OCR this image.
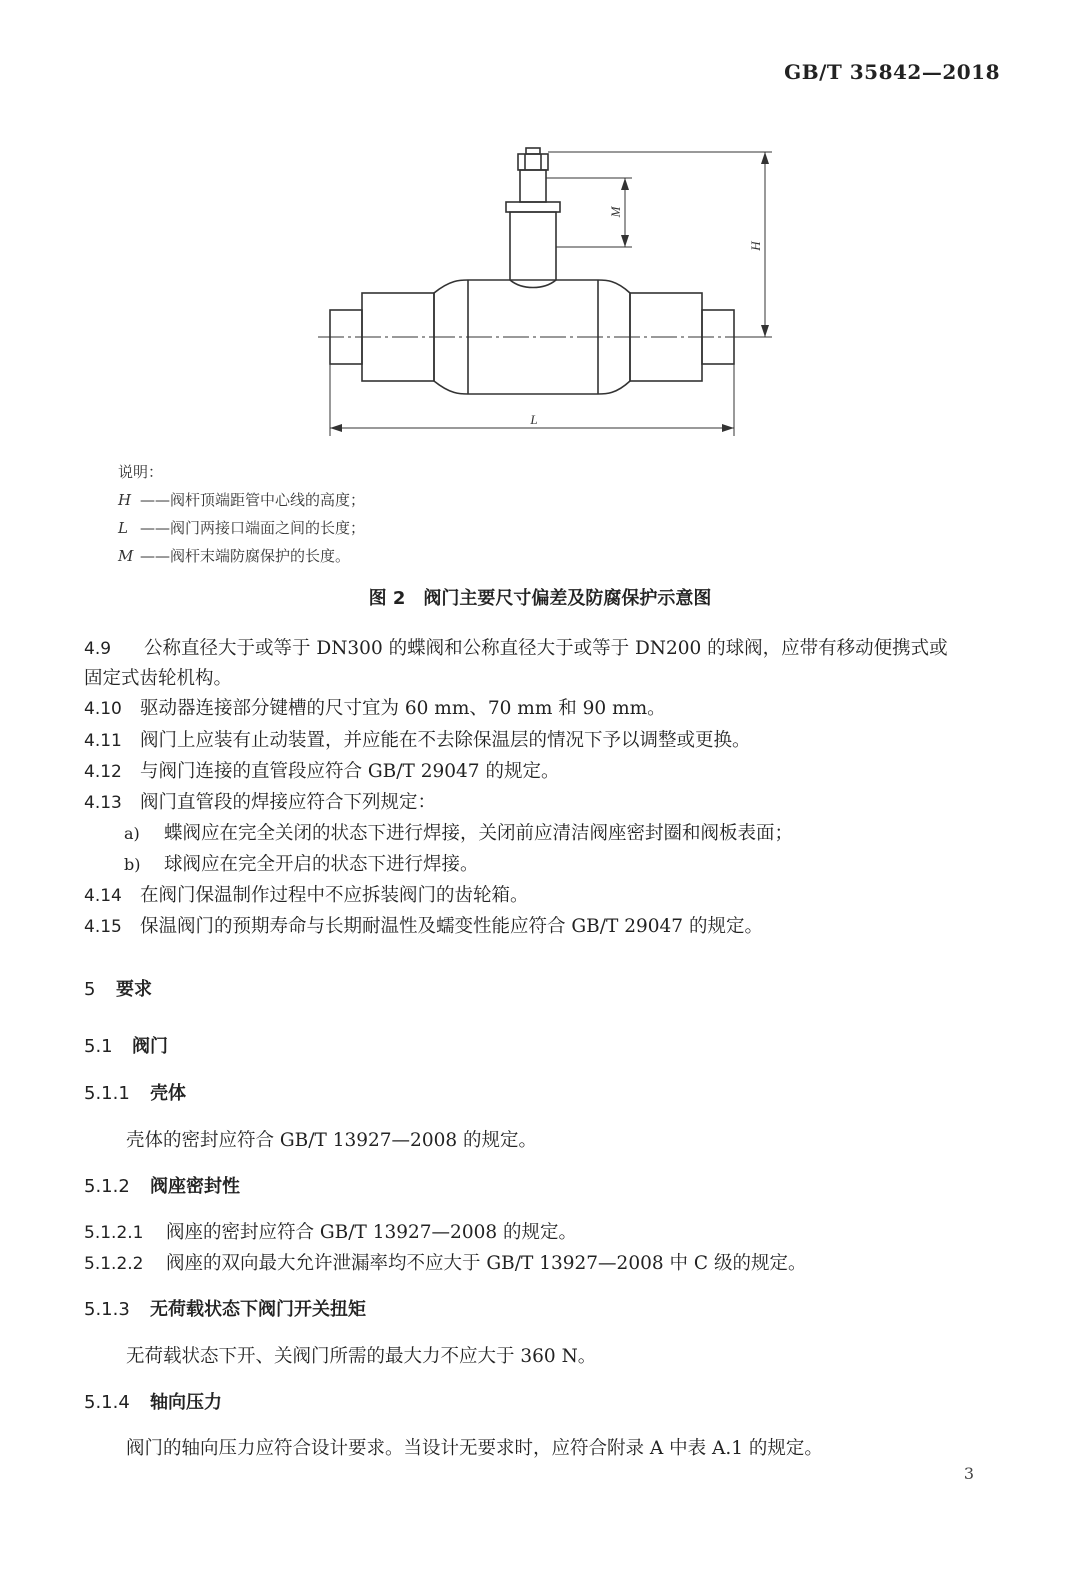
GB/T 35842—2018
H
M
L
说明：
H ——阀杆顶端距管中心线的高度；
L ——阀门两接口端面之间的长度；
M ——阀杆末端防腐保护的长度。
图 2　阀门主要尺寸偏差及防腐保护示意图
4.9 公称直径大于或等于 DN300 的蝶阀和公称直径大于或等于 DN200 的球阀，应带有移动便携式或
固定式齿轮机构。
4.10 驱动器连接部分键槽的尺寸宜为 60 mm、70 mm 和 90 mm。
4.11 阀门上应装有止动装置，并应能在不去除保温层的情况下予以调整或更换。
4.12 与阀门连接的直管段应符合 GB/T 29047 的规定。
4.13 阀门直管段的焊接应符合下列规定：
a) 蝶阀应在完全关闭的状态下进行焊接，关闭前应清洁阀座密封圈和阀板表面；
b) 球阀应在完全开启的状态下进行焊接。
4.14 在阀门保温制作过程中不应拆装阀门的齿轮箱。
4.15 保温阀门的预期寿命与长期耐温性及蠕变性能应符合 GB/T 29047 的规定。
5 要求
5.1 阀门
5.1.1 壳体
壳体的密封应符合 GB/T 13927—2008 的规定。
5.1.2 阀座密封性
5.1.2.1 阀座的密封应符合 GB/T 13927—2008 的规定。
5.1.2.2 阀座的双向最大允许泄漏率均不应大于 GB/T 13927—2008 中 C 级的规定。
5.1.3 无荷载状态下阀门开关扭矩
无荷载状态下开、关阀门所需的最大力不应大于 360 N。
5.1.4 轴向压力
阀门的轴向压力应符合设计要求。当设计无要求时，应符合附录 A 中表 A.1 的规定。
3
